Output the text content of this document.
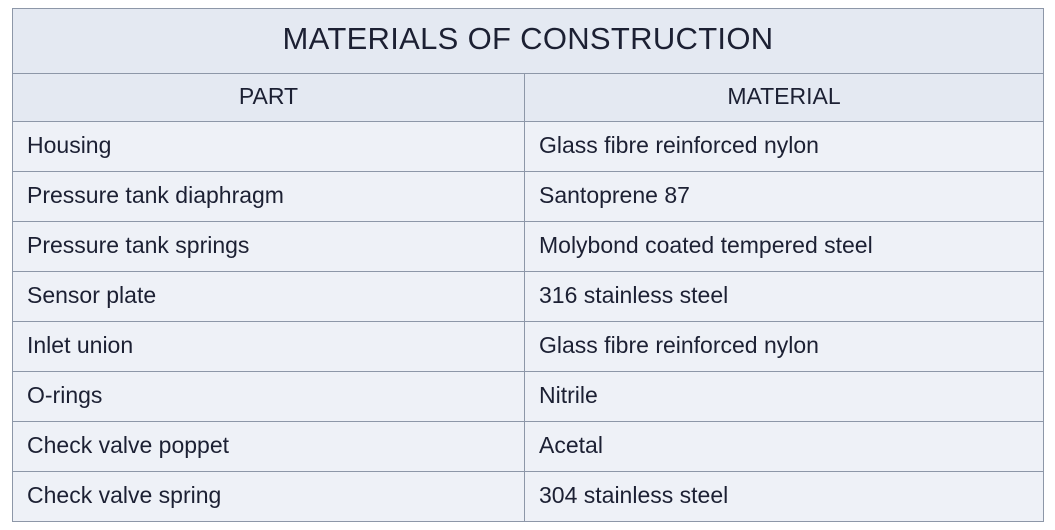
MATERIALS OF CONSTRUCTION	
PART	MATERIAL
Housing	Glass fibre reinforced nylon
Pressure tank diaphragm	Santoprene 87
Pressure tank springs	Molybond coated tempered steel
Sensor plate	316 stainless steel
Inlet union	Glass fibre reinforced nylon
O-rings	Nitrile
Check valve poppet	Acetal
Check valve spring	304 stainless steel
